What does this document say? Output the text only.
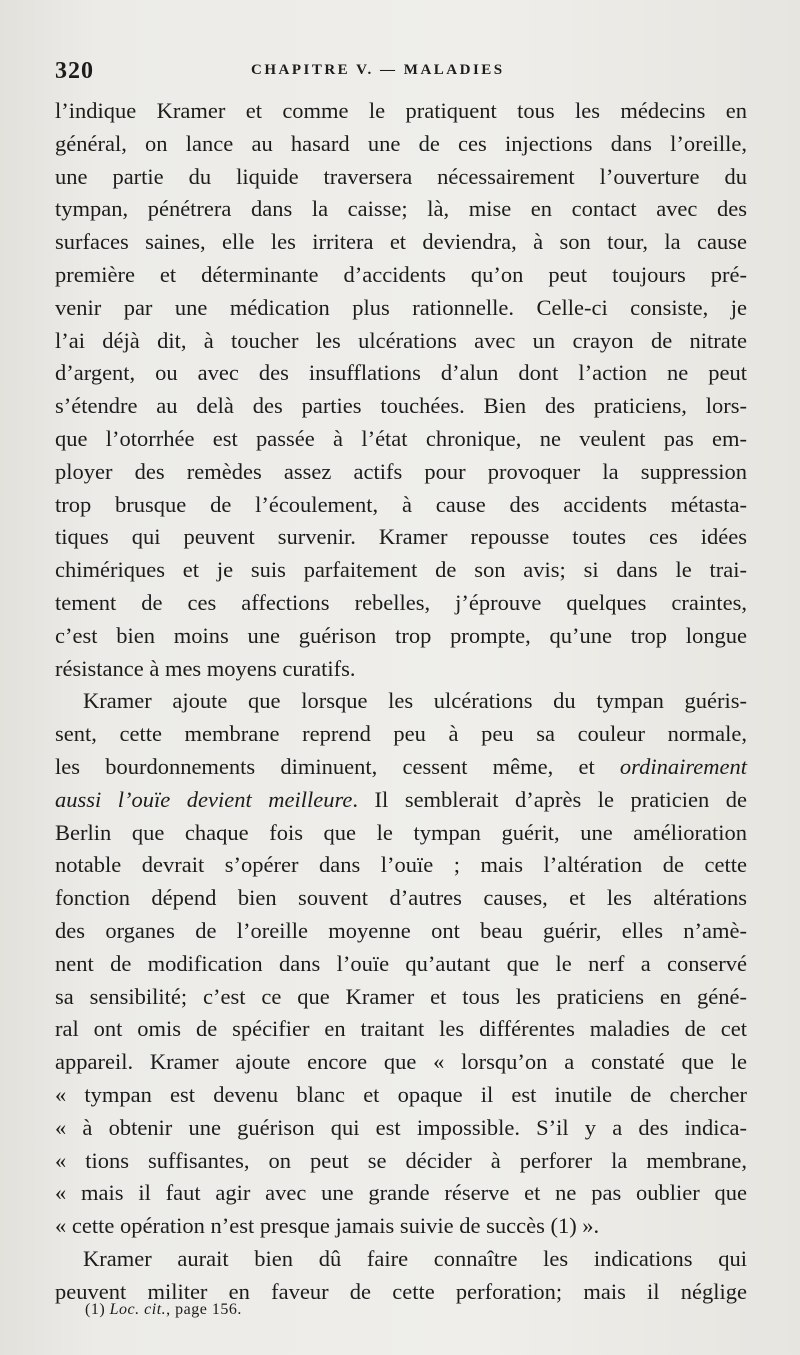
320	CHAPITRE V. — MALADIES
l’indique Kramer et comme le pratiquent tous les médecins en
général, on lance au hasard une de ces injections dans l’oreille,
une partie du liquide traversera nécessairement l’ouverture du
tympan, pénétrera dans la caisse; là, mise en contact avec des
surfaces saines, elle les irritera et deviendra, à son tour, la cause
première et déterminante d’accidents qu’on peut toujours pré-
venir par une médication plus rationnelle. Celle-ci consiste, je
l’ai déjà dit, à toucher les ulcérations avec un crayon de nitrate
d’argent, ou avec des insufflations d’alun dont l’action ne peut
s’étendre au delà des parties touchées. Bien des praticiens, lors-
que l’otorrhée est passée à l’état chronique, ne veulent pas em-
ployer des remèdes assez actifs pour provoquer la suppression
trop brusque de l’écoulement, à cause des accidents métasta-
tiques qui peuvent survenir. Kramer repousse toutes ces idées
chimériques et je suis parfaitement de son avis; si dans le trai-
tement de ces affections rebelles, j’éprouve quelques craintes,
c’est bien moins une guérison trop prompte, qu’une trop longue
résistance à mes moyens curatifs.
Kramer ajoute que lorsque les ulcérations du tympan guéris-
sent, cette membrane reprend peu à peu sa couleur normale,
les bourdonnements diminuent, cessent même, et ordinairement
aussi l’ouïe devient meilleure. Il semblerait d’après le praticien de
Berlin que chaque fois que le tympan guérit, une amélioration
notable devrait s’opérer dans l’ouïe ; mais l’altération de cette
fonction dépend bien souvent d’autres causes, et les altérations
des organes de l’oreille moyenne ont beau guérir, elles n’amè-
nent de modification dans l’ouïe qu’autant que le nerf a conservé
sa sensibilité; c’est ce que Kramer et tous les praticiens en géné-
ral ont omis de spécifier en traitant les différentes maladies de cet
appareil. Kramer ajoute encore que « lorsqu’on a constaté que le
« tympan est devenu blanc et opaque il est inutile de chercher
« à obtenir une guérison qui est impossible. S’il y a des indica-
« tions suffisantes, on peut se décider à perforer la membrane,
« mais il faut agir avec une grande réserve et ne pas oublier que
« cette opération n’est presque jamais suivie de succès (1) ».
Kramer aurait bien dû faire connaître les indications qui
peuvent militer en faveur de cette perforation; mais il néglige
(1) Loc. cit., page 156.
